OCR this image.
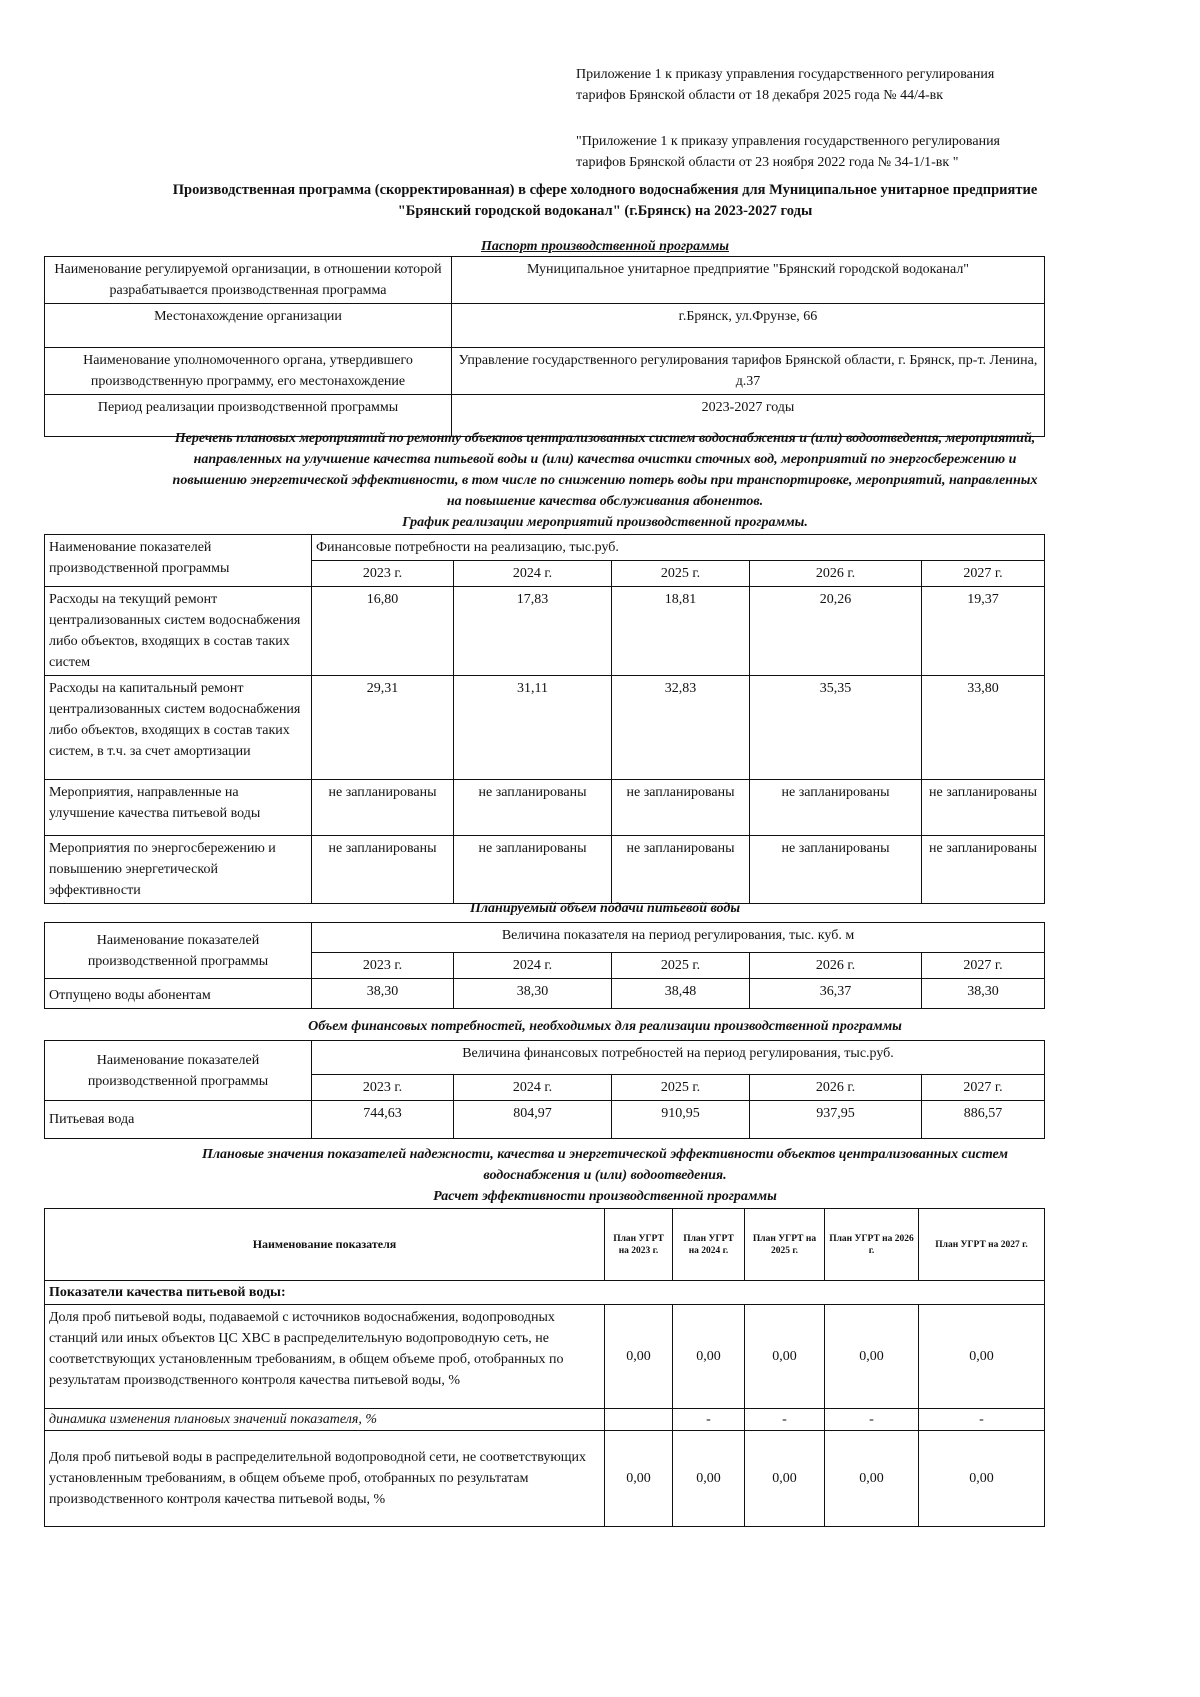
Приложение 1 к приказу управления государственного регулирования
тарифов Брянской области от 18 декабря 2025 года № 44/4-вк
"Приложение 1 к приказу управления государственного регулирования
тарифов Брянской области от 23 ноября 2022 года № 34-1/1-вк "
Производственная программа (скорректированная) в сфере холодного водоснабжения для Муниципальное унитарное предприятие
"Брянский городской водоканал" (г.Брянск) на 2023-2027 годы
Паспорт производственной программы
Наименование регулируемой организации, в отношении которой разрабатывается производственная программа	Муниципальное унитарное предприятие "Брянский городской водоканал"
Местонахождение организации	г.Брянск, ул.Фрунзе, 66
Наименование уполномоченного органа, утвердившего производственную программу, его местонахождение	Управление государственного регулирования тарифов Брянской области, г. Брянск, пр-т. Ленина, д.37
Период реализации производственной программы	2023-2027 годы
Перечень плановых мероприятий по ремонту объектов централизованных систем водоснабжения и (или) водоотведения, мероприятий,
направленных на улучшение качества питьевой воды и (или) качества очистки сточных вод, мероприятий по энергосбережению и
повышению энергетической эффективности, в том числе по снижению потерь воды при транспортировке, мероприятий, направленных
на повышение качества обслуживания абонентов.
График реализации мероприятий производственной программы.
Наименование показателей производственной программы	Финансовые потребности на реализацию, тыс.руб.				
	2023 г.	2024 г.	2025 г.	2026 г.	2027 г.
Расходы на текущий ремонт централизованных систем водоснабжения либо объектов, входящих в состав таких систем	16,80	17,83	18,81	20,26	19,37
Расходы на капитальный ремонт централизованных систем водоснабжения либо объектов, входящих в состав таких систем, в т.ч. за счет амортизации	29,31	31,11	32,83	35,35	33,80
Мероприятия, направленные на улучшение качества питьевой воды	не запланированы	не запланированы	не запланированы	не запланированы	не запланированы
Мероприятия по энергосбережению и повышению энергетической эффективности	не запланированы	не запланированы	не запланированы	не запланированы	не запланированы
Планируемый объем подачи питьевой воды
Наименование показателей производственной программы	Величина показателя на период регулирования, тыс. куб. м				
	2023 г.	2024 г.	2025 г.	2026 г.	2027 г.
Отпущено воды абонентам	38,30	38,30	38,48	36,37	38,30
Объем финансовых потребностей, необходимых для реализации производственной программы
Наименование показателей производственной программы	Величина финансовых потребностей на период регулирования, тыс.руб.				
	2023 г.	2024 г.	2025 г.	2026 г.	2027 г.
Питьевая вода	744,63	804,97	910,95	937,95	886,57
Плановые значения показателей надежности, качества и энергетической эффективности объектов централизованных систем
водоснабжения и (или) водоотведения.
Расчет эффективности производственной программы
Наименование показателя	План УГРТ на 2023 г.	План УГРТ на 2024 г.	План УГРТ на 2025 г.	План УГРТ на 2026 г.	План УГРТ на 2027 г.
Показатели качества питьевой воды:					
Доля проб питьевой воды, подаваемой с источников водоснабжения, водопроводных станций или иных объектов ЦС ХВС в распределительную водопроводную сеть, не соответствующих установленным требованиям, в общем объеме проб, отобранных по результатам производственного контроля качества питьевой воды, %	0,00	0,00	0,00	0,00	0,00
динамика изменения плановых значений показателя, %		-	-	-	-
Доля проб питьевой воды в распределительной водопроводной сети, не соответствующих установленным требованиям, в общем объеме проб, отобранных по результатам производственного контроля качества питьевой воды, %	0,00	0,00	0,00	0,00	0,00
